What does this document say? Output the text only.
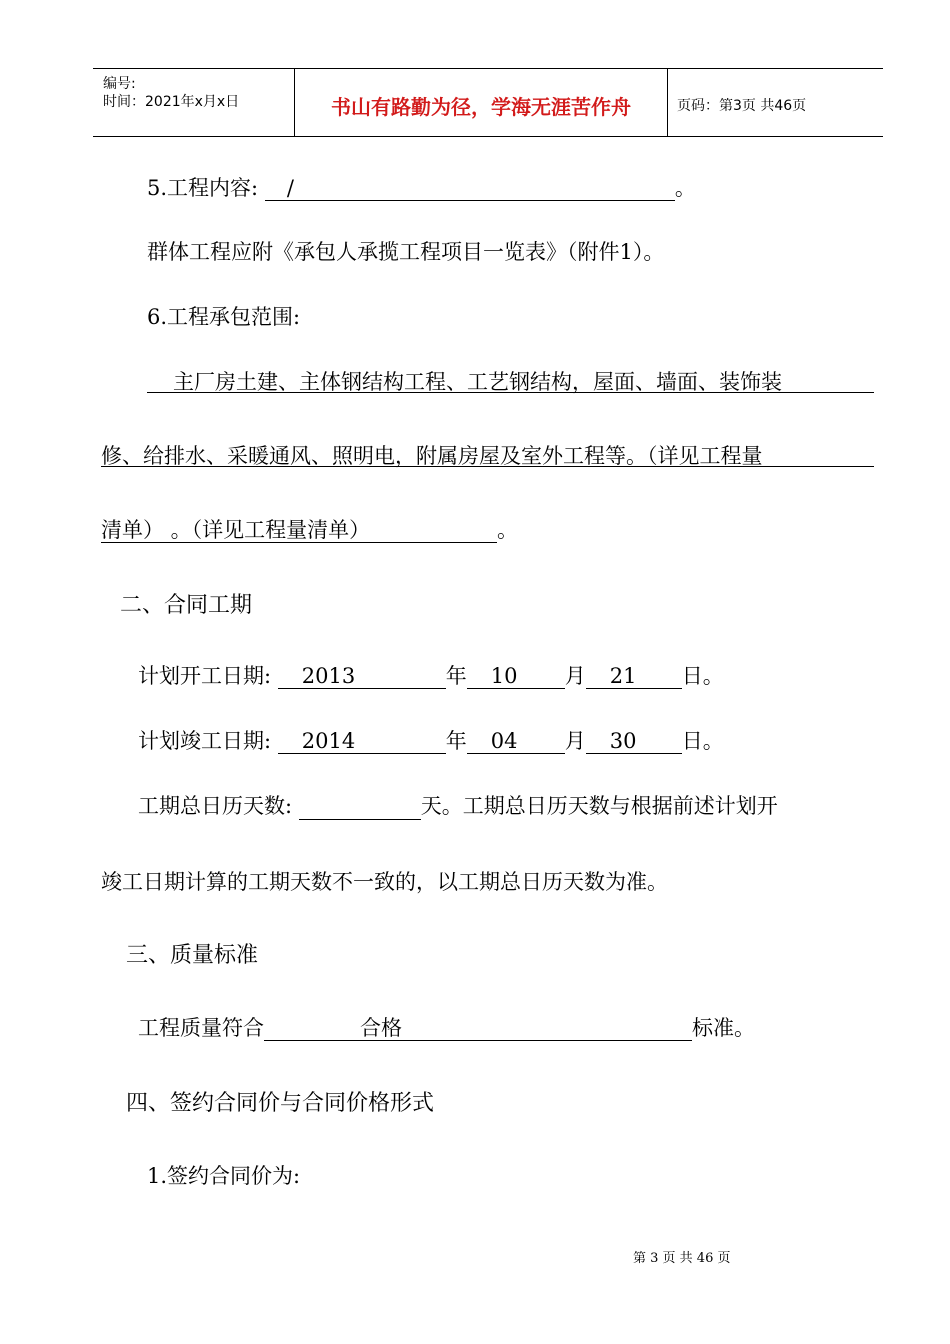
编号:
时间：2021年x月x日	书山有路勤为径，学海无涯苦作舟	页码：第3页 共46页
5.工程内容: /	。
群体工程应附《承包人承揽工程项目一览表》（附件1）。
6.工程承包范围:
主厂房土建、主体钢结构工程、工艺钢结构，屋面、墙面、装饰装
修、给排水、采暖通风、照明电，附属房屋及室外工程等。（详见工程量
清单） 。（详见工程量清单）	。
二、合同工期
计划开工日期: 2013	年 10 月 21 日。
计划竣工日期: 2014	年 04 月 30 日。
工期总日历天数:	天。工期总日历天数与根据前述计划开
竣工日期计算的工期天数不一致的，以工期总日历天数为准。
三、质量标准
工程质量符合	合格	标准。
四、签约合同价与合同价格形式
1.签约合同价为:
第 3 页 共 46 页
